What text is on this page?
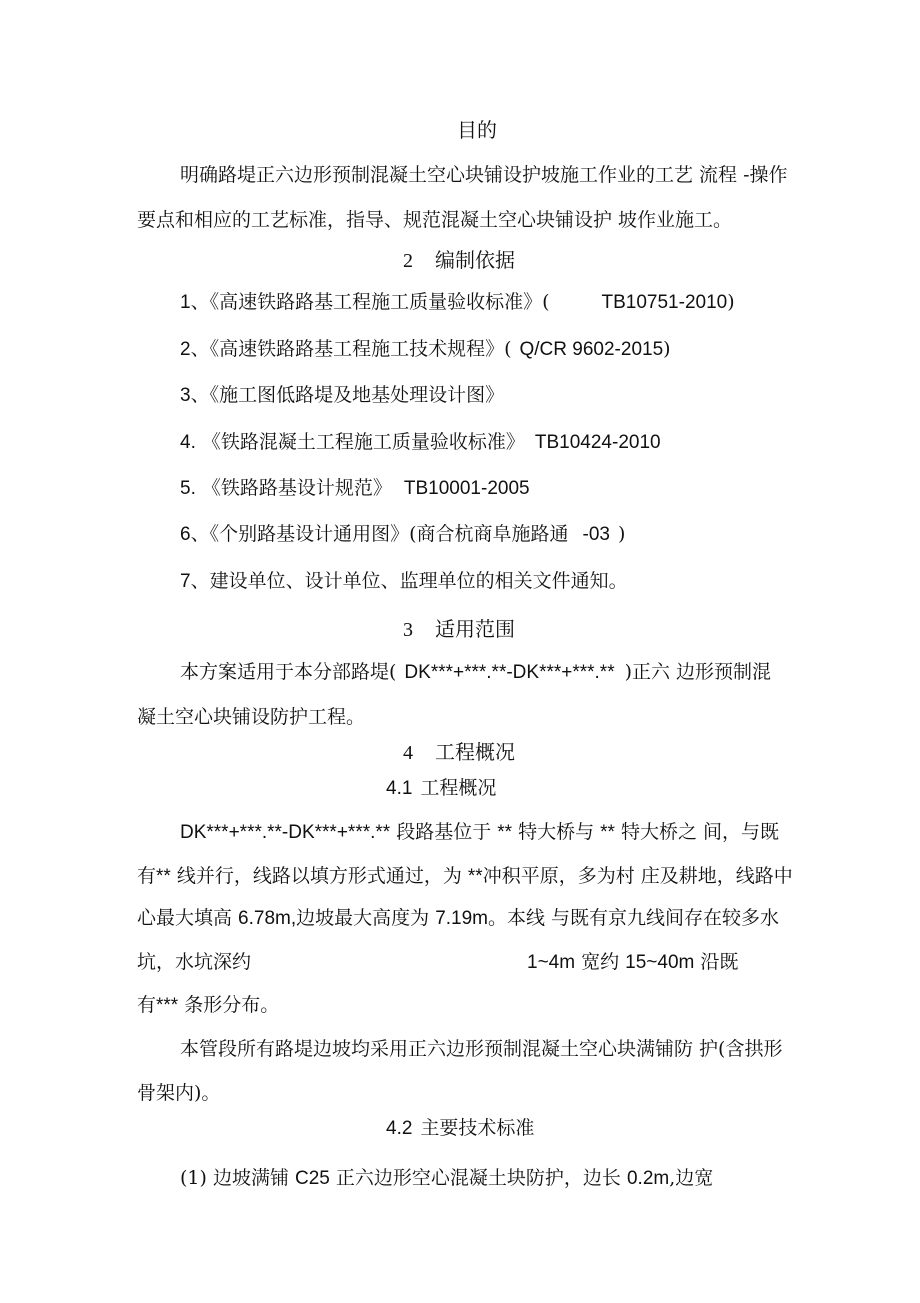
目的
明确路堤正六边形预制混凝土空心块铺设护坡施工作业的工艺 流程 -操作
要点和相应的工艺标准，指导、规范混凝土空心块铺设护 坡作业施工。
2 编制依据
1、《高速铁路路基工程施工质量验收标准》(	TB10751-2010)
2、《高速铁路路基工程施工技术规程》( Q/CR 9602-2015)
3、《施工图低路堤及地基处理设计图》
4. 《铁路混凝土工程施工质量验收标准》 TB10424-2010
5. 《铁路路基设计规范》 TB10001-2005
6、《个别路基设计通用图》(商合杭商阜施路通 -03 )
7、建设单位、设计单位、监理单位的相关文件通知。
3 适用范围
本方案适用于本分部路堤( DK***+***.**-DK***+***.** )正六 边形预制混
凝土空心块铺设防护工程。
4 工程概况
4.1 工程概况
DK***+***.**-DK***+***.** 段路基位于 ** 特大桥与 ** 特大桥之 间，与既
有** 线并行，线路以填方形式通过，为 **冲积平原，多为村 庄及耕地，线路中
心最大填高 6.78m,边坡最大高度为 7.19m。本线 与既有京九线间存在较多水
坑，水坑深约	1~4m 宽约 15~40m 沿既
有*** 条形分布。
本管段所有路堤边坡均采用正六边形预制混凝土空心块满铺防 护(含拱形
骨架内)。
4.2 主要技术标准
(1) 边坡满铺 C25 正六边形空心混凝土块防护，边长 0.2m,边宽
